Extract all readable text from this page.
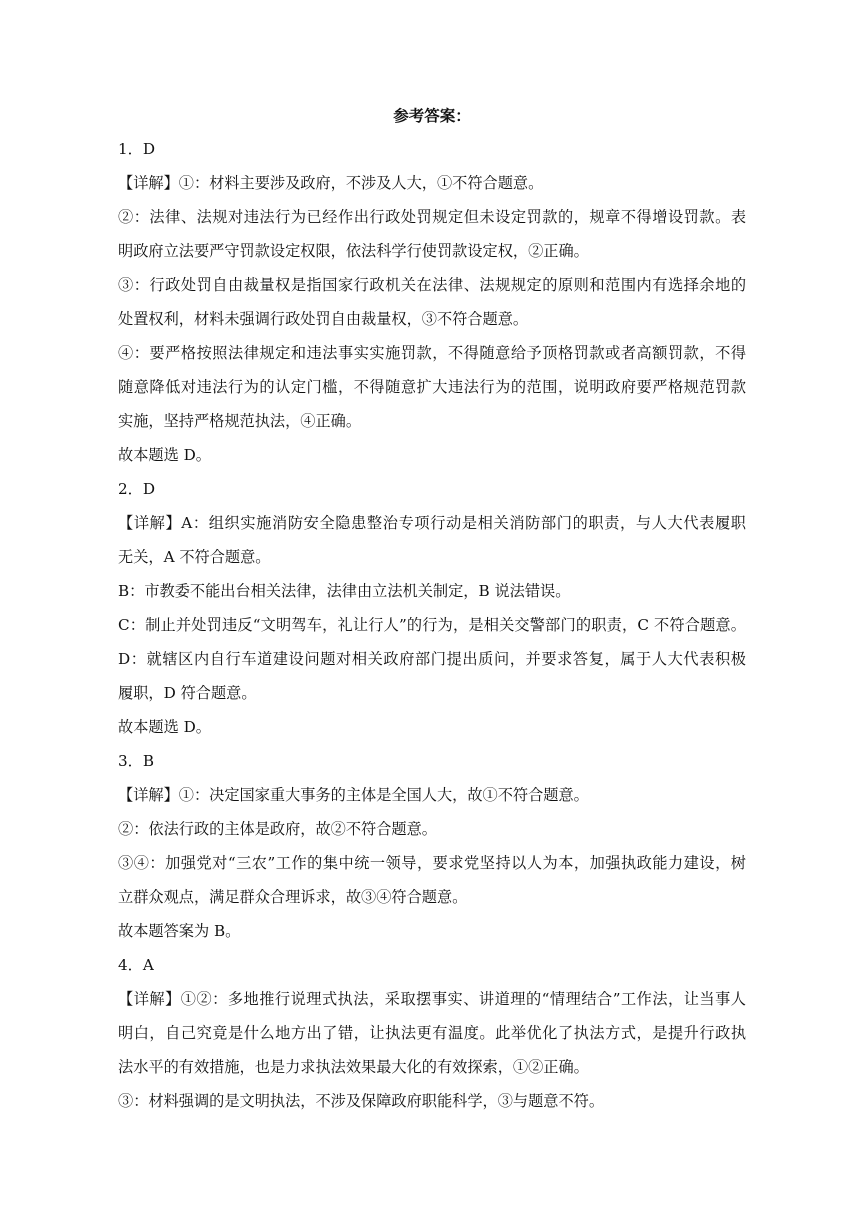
参考答案：

1．D

【详解】①：材料主要涉及政府，不涉及人大，①不符合题意。

②：法律、法规对违法行为已经作出行政处罚规定但未设定罚款的，规章不得增设罚款。表

明政府立法要严守罚款设定权限，依法科学行使罚款设定权，②正确。

③：行政处罚自由裁量权是指国家行政机关在法律、法规规定的原则和范围内有选择余地的

处置权利，材料未强调行政处罚自由裁量权，③不符合题意。

④：要严格按照法律规定和违法事实实施罚款，不得随意给予顶格罚款或者高额罚款，不得

随意降低对违法行为的认定门槛，不得随意扩大违法行为的范围，说明政府要严格规范罚款

实施，坚持严格规范执法，④正确。

故本题选 D。

2．D

【详解】A：组织实施消防安全隐患整治专项行动是相关消防部门的职责，与人大代表履职

无关，A 不符合题意。

B：市教委不能出台相关法律，法律由立法机关制定，B 说法错误。

C：制止并处罚违反“文明驾车，礼让行人”的行为，是相关交警部门的职责，C 不符合题意。

D：就辖区内自行车道建设问题对相关政府部门提出质问，并要求答复，属于人大代表积极

履职，D 符合题意。

故本题选 D。

3．B

【详解】①：决定国家重大事务的主体是全国人大，故①不符合题意。

②：依法行政的主体是政府，故②不符合题意。

③④：加强党对“三农”工作的集中统一领导，要求党坚持以人为本，加强执政能力建设，树

立群众观点，满足群众合理诉求，故③④符合题意。

故本题答案为 B。

4．A

【详解】①②：多地推行说理式执法，采取摆事实、讲道理的“情理结合”工作法，让当事人

明白，自己究竟是什么地方出了错，让执法更有温度。此举优化了执法方式，是提升行政执

法水平的有效措施，也是力求执法效果最大化的有效探索，①②正确。

③：材料强调的是文明执法，不涉及保障政府职能科学，③与题意不符。
